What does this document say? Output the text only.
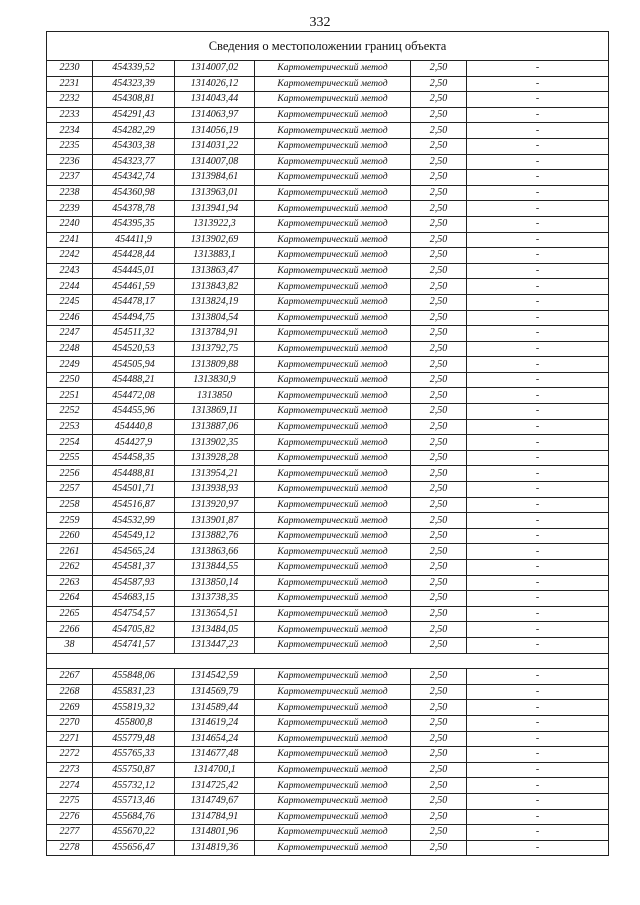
332
Сведения о местоположении границ объекта					
2230	454339,52	1314007,02	Картометрический метод	2,50	-
2231	454323,39	1314026,12	Картометрический метод	2,50	-
2232	454308,81	1314043,44	Картометрический метод	2,50	-
2233	454291,43	1314063,97	Картометрический метод	2,50	-
2234	454282,29	1314056,19	Картометрический метод	2,50	-
2235	454303,38	1314031,22	Картометрический метод	2,50	-
2236	454323,77	1314007,08	Картометрический метод	2,50	-
2237	454342,74	1313984,61	Картометрический метод	2,50	-
2238	454360,98	1313963,01	Картометрический метод	2,50	-
2239	454378,78	1313941,94	Картометрический метод	2,50	-
2240	454395,35	1313922,3	Картометрический метод	2,50	-
2241	454411,9	1313902,69	Картометрический метод	2,50	-
2242	454428,44	1313883,1	Картометрический метод	2,50	-
2243	454445,01	1313863,47	Картометрический метод	2,50	-
2244	454461,59	1313843,82	Картометрический метод	2,50	-
2245	454478,17	1313824,19	Картометрический метод	2,50	-
2246	454494,75	1313804,54	Картометрический метод	2,50	-
2247	454511,32	1313784,91	Картометрический метод	2,50	-
2248	454520,53	1313792,75	Картометрический метод	2,50	-
2249	454505,94	1313809,88	Картометрический метод	2,50	-
2250	454488,21	1313830,9	Картометрический метод	2,50	-
2251	454472,08	1313850	Картометрический метод	2,50	-
2252	454455,96	1313869,11	Картометрический метод	2,50	-
2253	454440,8	1313887,06	Картометрический метод	2,50	-
2254	454427,9	1313902,35	Картометрический метод	2,50	-
2255	454458,35	1313928,28	Картометрический метод	2,50	-
2256	454488,81	1313954,21	Картометрический метод	2,50	-
2257	454501,71	1313938,93	Картометрический метод	2,50	-
2258	454516,87	1313920,97	Картометрический метод	2,50	-
2259	454532,99	1313901,87	Картометрический метод	2,50	-
2260	454549,12	1313882,76	Картометрический метод	2,50	-
2261	454565,24	1313863,66	Картометрический метод	2,50	-
2262	454581,37	1313844,55	Картометрический метод	2,50	-
2263	454587,93	1313850,14	Картометрический метод	2,50	-
2264	454683,15	1313738,35	Картометрический метод	2,50	-
2265	454754,57	1313654,51	Картометрический метод	2,50	-
2266	454705,82	1313484,05	Картометрический метод	2,50	-
38	454741,57	1313447,23	Картометрический метод	2,50	-

2267	455848,06	1314542,59	Картометрический метод	2,50	-
2268	455831,23	1314569,79	Картометрический метод	2,50	-
2269	455819,32	1314589,44	Картометрический метод	2,50	-
2270	455800,8	1314619,24	Картометрический метод	2,50	-
2271	455779,48	1314654,24	Картометрический метод	2,50	-
2272	455765,33	1314677,48	Картометрический метод	2,50	-
2273	455750,87	1314700,1	Картометрический метод	2,50	-
2274	455732,12	1314725,42	Картометрический метод	2,50	-
2275	455713,46	1314749,67	Картометрический метод	2,50	-
2276	455684,76	1314784,91	Картометрический метод	2,50	-
2277	455670,22	1314801,96	Картометрический метод	2,50	-
2278	455656,47	1314819,36	Картометрический метод	2,50	-
